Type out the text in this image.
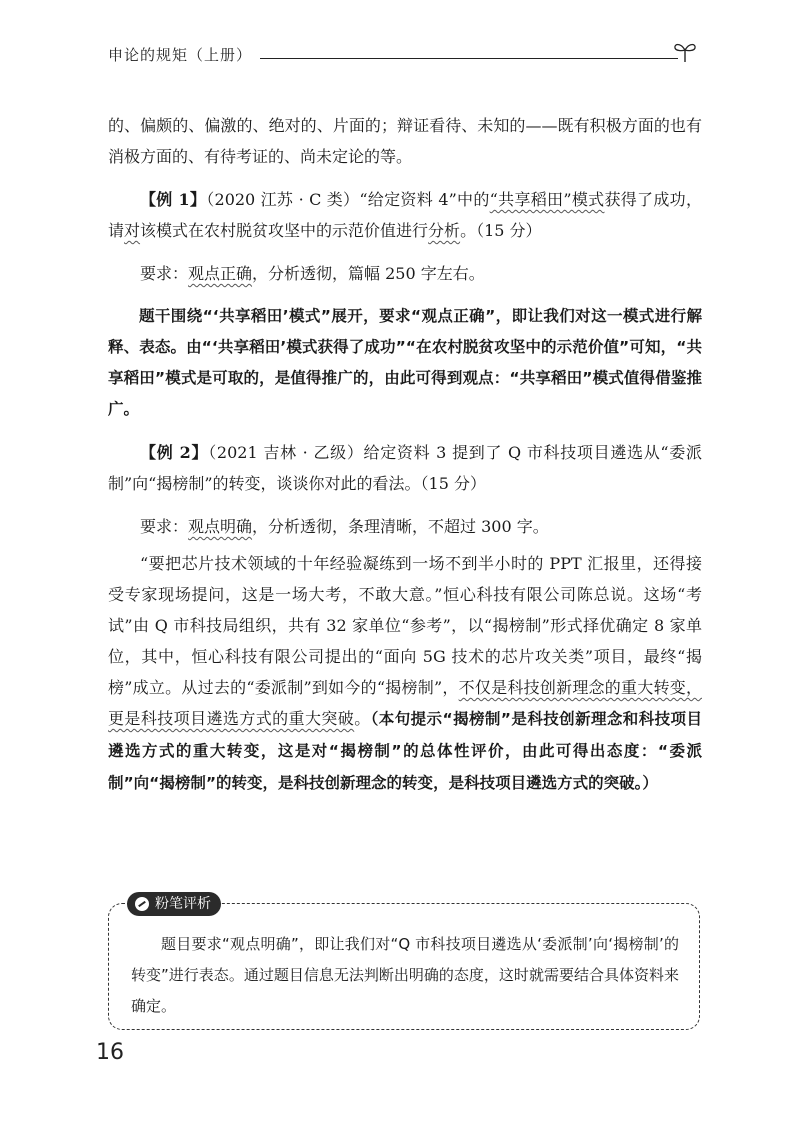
申论的规矩（上册）

的、偏颇的、偏激的、绝对的、片面的；辩证看待、未知的——既有积极方面的也有消极方面的、有待考证的、尚未定论的等。

【例 1】（2020 江苏 · C 类）“给定资料 4”中的“共享稻田”模式获得了成功，请对该模式在农村脱贫攻坚中的示范价值进行分析。（15 分）

要求：观点正确，分析透彻，篇幅 250 字左右。

题干围绕“‘共享稻田’模式”展开，要求“观点正确”，即让我们对这一模式进行解释、表态。由“‘共享稻田’模式获得了成功”“在农村脱贫攻坚中的示范价值”可知，“共享稻田”模式是可取的，是值得推广的，由此可得到观点：“共享稻田”模式值得借鉴推广。

【例 2】（2021 吉林 · 乙级）给定资料 3 提到了 Q 市科技项目遴选从“委派制”向“揭榜制”的转变，谈谈你对此的看法。（15 分）

要求：观点明确，分析透彻，条理清晰，不超过 300 字。

“要把芯片技术领域的十年经验凝练到一场不到半小时的 PPT 汇报里，还得接受专家现场提问，这是一场大考，不敢大意。”恒心科技有限公司陈总说。这场“考试”由 Q 市科技局组织，共有 32 家单位“参考”，以“揭榜制”形式择优确定 8 家单位，其中，恒心科技有限公司提出的“面向 5G 技术的芯片攻关类”项目，最终“揭榜”成立。从过去的“委派制”到如今的“揭榜制”，不仅是科技创新理念的重大转变，更是科技项目遴选方式的重大突破。（本句提示“揭榜制”是科技创新理念和科技项目遴选方式的重大转变，这是对“揭榜制”的总体性评价，由此可得出态度：“委派制”向“揭榜制”的转变，是科技创新理念的转变，是科技项目遴选方式的突破。）

粉笔评析

题目要求“观点明确”，即让我们对“Q 市科技项目遴选从‘委派制’向‘揭榜制’的转变”进行表态。通过题目信息无法判断出明确的态度，这时就需要结合具体资料来确定。

16
